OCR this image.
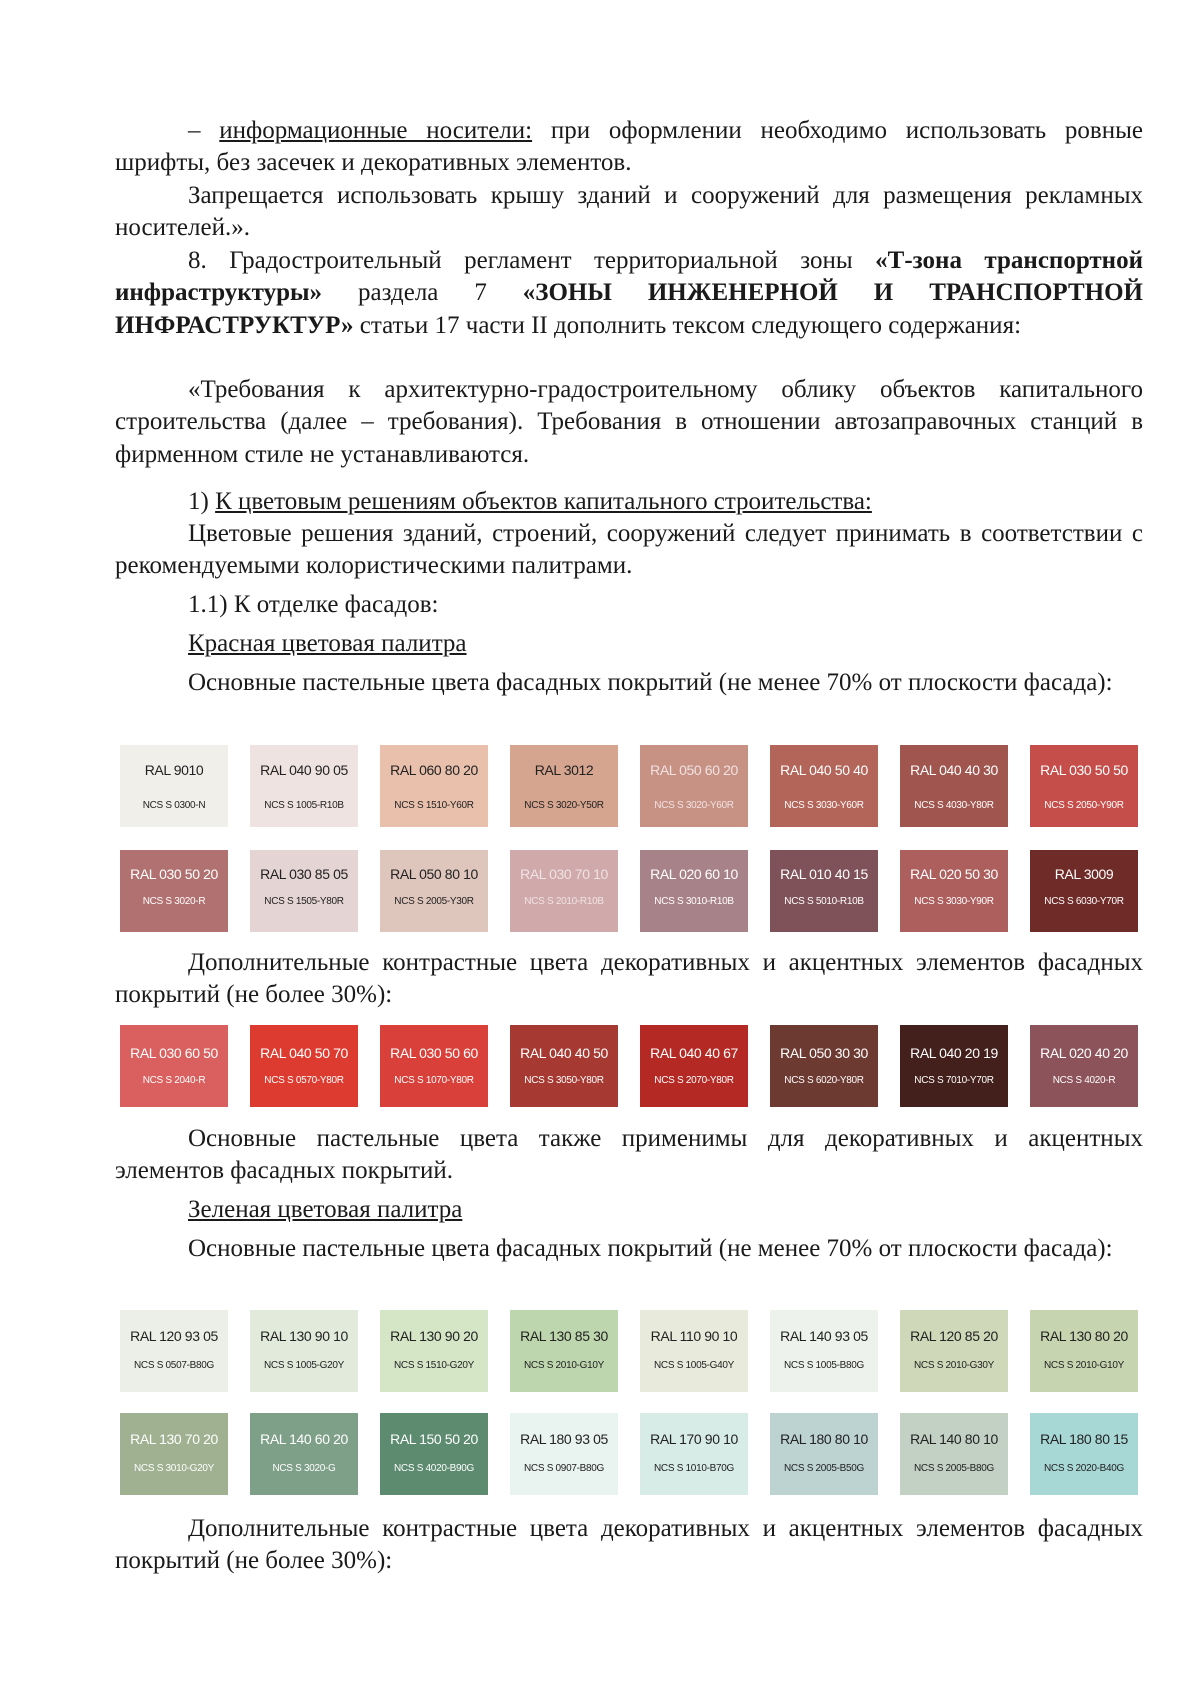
– информационные носители: при оформлении необходимо использовать ровные шрифты, без засечек и декоративных элементов.
Запрещается использовать крышу зданий и сооружений для размещения рекламных носителей.».
8. Градостроительный регламент территориальной зоны «Т-зона транспортной инфраструктуры» раздела 7 «ЗОНЫ ИНЖЕНЕРНОЙ И ТРАНСПОРТНОЙ ИНФРАСТРУКТУР» статьи 17 части II дополнить тексом следующего содержания:
«Требования к архитектурно-градостроительному облику объектов капитального строительства (далее – требования). Требования в отношении автозаправочных станций в фирменном стиле не устанавливаются.
1) К цветовым решениям объектов капитального строительства:
Цветовые решения зданий, строений, сооружений следует принимать в соответствии с рекомендуемыми колористическими палитрами.
1.1) К отделке фасадов:
Красная цветовая палитра
Основные пастельные цвета фасадных покрытий (не менее 70% от плоскости фасада):
RAL 9010
NCS S 0300-N
RAL 040 90 05
NCS S 1005-R10B
RAL 060 80 20
NCS S 1510-Y60R
RAL 3012
NCS S 3020-Y50R
RAL 050 60 20
NCS S 3020-Y60R
RAL 040 50 40
NCS S 3030-Y60R
RAL 040 40 30
NCS S 4030-Y80R
RAL 030 50 50
NCS S 2050-Y90R
RAL 030 50 20
NCS S 3020-R
RAL 030 85 05
NCS S 1505-Y80R
RAL 050 80 10
NCS S 2005-Y30R
RAL 030 70 10
NCS S 2010-R10B
RAL 020 60 10
NCS S 3010-R10B
RAL 010 40 15
NCS S 5010-R10B
RAL 020 50 30
NCS S 3030-Y90R
RAL 3009
NCS S 6030-Y70R
Дополнительные контрастные цвета декоративных и акцентных элементов фасадных покрытий (не более 30%):
RAL 030 60 50
NCS S 2040-R
RAL 040 50 70
NCS S 0570-Y80R
RAL 030 50 60
NCS S 1070-Y80R
RAL 040 40 50
NCS S 3050-Y80R
RAL 040 40 67
NCS S 2070-Y80R
RAL 050 30 30
NCS S 6020-Y80R
RAL 040 20 19
NCS S 7010-Y70R
RAL 020 40 20
NCS S 4020-R
Основные пастельные цвета также применимы для декоративных и акцентных элементов фасадных покрытий.
Зеленая цветовая палитра
Основные пастельные цвета фасадных покрытий (не менее 70% от плоскости фасада):
RAL 120 93 05
NCS S 0507-B80G
RAL 130 90 10
NCS S 1005-G20Y
RAL 130 90 20
NCS S 1510-G20Y
RAL 130 85 30
NCS S 2010-G10Y
RAL 110 90 10
NCS S 1005-G40Y
RAL 140 93 05
NCS S 1005-B80G
RAL 120 85 20
NCS S 2010-G30Y
RAL 130 80 20
NCS S 2010-G10Y
RAL 130 70 20
NCS S 3010-G20Y
RAL 140 60 20
NCS S 3020-G
RAL 150 50 20
NCS S 4020-B90G
RAL 180 93 05
NCS S 0907-B80G
RAL 170 90 10
NCS S 1010-B70G
RAL 180 80 10
NCS S 2005-B50G
RAL 140 80 10
NCS S 2005-B80G
RAL 180 80 15
NCS S 2020-B40G
Дополнительные контрастные цвета декоративных и акцентных элементов фасадных покрытий (не более 30%):
